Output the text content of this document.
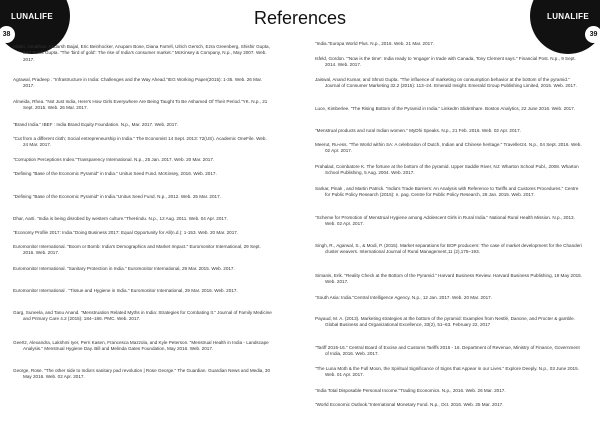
LUNALIFE
38
LUNALIFE
39
References

Ablett, Jonathan, Aadarsh Baijal, Eric Beinhocker, Anupam Bose, Diana Farrell, Ulrich Gersch, Ezra Greenberg, Shishir Gupta, and Sumit Gupta. "The 'bird of gold': The rise of India's consumer market." McKinsey & Company, N.p., May 2007. Web. 2017.

Agrawal, Pradeep . "Infrastructure in India: Challenges and the Way Ahead."IEG Working Paper(2015): 1-35. Web. 26 Mar. 2017.

Almeida, Rhea. "Not Just India, Here's How Girls Everywhere Are Being Taught To Be Ashamed Of Their Period."YK. N.p., 21 Sept. 2015. Web. 26 Mar. 2017.

"Brand India." IBEF : India Brand Equity Foundation. N.p., Mar. 2017. Web. 2017.

"Cut from a different cloth; Social entrepreneurship in India." The Economist 14 Sept. 2013: 72(US). Academic OneFile. Web. 24 Mar. 2017.

"Corruption Perceptions Index."Transparency International. N.p., 25 Jan. 2017. Web. 20 Mar. 2017.

"Defining "Base of the Economic Pyramid" in India." Unitus Seed Fund. McKinsey, 2016. Web. 2017.

"Defining "Base of the Economic Pyramid" in India."Unitus Seed Fund. N.p., 2012. Web. 25 Mar. 2017.

Dhar, Aarti. "India is being disrobed by western culture."TheHindu. N.p., 12 Aug. 2011. Web. 04 Apr. 2017.

"Economy Profile 2017: India."Doing Business 2017: Equal Opportunity for All(n.d.): 1-153. Web. 20 Mar. 2017.

Euromonitor International. "Boom or Bomb: India's Demographics and Market Impact." Euromonitor International, 29 Sept. 2016. Web. 2017.

Euromonitor International. "Sanitary Protection in India." Euromonitor International, 29 Mar. 2015. Web. 2017.

Euromonitor International . "Tissue and Hygiene in India." Euromonitor International, 29 Mar. 2016. Web. 2017.

Garg, Suneela, and Tanu Anand. "Menstruation Related Myths in India: Strategies for Combating It." Journal of Family Medicine and Primary Care 4.2 (2015): 184–186. PMC. Web. 2017.

Geertz, Alexandra, Lakshmi Iyer, Perri Kasen, Francesca Mazzola, and Kyle Peterson. "Menstrual Health in India - Landscape Analysis." Menstrual Hygiene Day. Bill and Melinda Gates Foundation, May 2016. Web. 2017.

George, Rose. "The other side to India's sanitary pad revolution | Rose George." The Guardian. Guardian News and Media, 30 May 2016. Web. 02 Apr. 2017.

"India."Europa World Plus. N.p., 2016. Web. 21 Mar. 2017.

Isfeld, Gordon. "'Now is the time': India ready to 'engage' in trade with Canada, Tony Clement says." Financial Post. N.p., 9 Sept. 2014. Web. 2017.

Jaiswal, Anand Kumar, and Shruti Gupta. "The influence of marketing on consumption behavior at the bottom of the pyramid." Journal of Consumer Marketing 32.2 (2015): 113–24. Emerald Insight. Emerald Group Publishing Limited, 2015. Web. 2017.

Luce, Kimberlee. "The Rising Bottom of the Pyramid in India." LinkedIn SlideShare. Boston Analytics, 22 June 2016. Web. 2017.

"Menstrual products and rural Indian women." MyDhi Speaks. N.p., 21 Feb. 2016. Web. 02 Apr. 2017.

Meerut, Ru-ess. "The World within SA: A celebration of Dutch, Indian and Chinese heritage." Traveller24. N.p., 04 Sept. 2016. Web. 02 Apr. 2017.

Prahalad, Coimbatore K. The fortune at the bottom of the pyramid. Upper Saddle River, NJ: Wharton School Publ., 2008. Wharton School Publishing, 5 Aug. 2004. Web. 2017.

Sarkar, Pinak , and Martin Patrick. "India's Trade Barriers: An Analysis with Reference to Tariffs and Customs Procedures." Centre for Public Policy Research (2015): n. pag. Centre for Public Policy Research, 28 Jan. 2015. Web. 2017.

"Scheme for Promotion of Menstrual Hygiene among Adolescent Girls in Rural India." National Rural Health Mission. N.p., 2013. Web. 02 Apr. 2017.

Singh, R., Agarwal, S., & Modi, P. (2015). Market separations for BOP producers: The case of market development for the Chanderi cluster weavers. International Journal of Rural Management,11 (2),175–193.

Simanis, Erik. "Reality Check at the Bottom of the Pyramid." Harvard Business Review. Harvard Business Publishing, 19 May 2015. Web. 2017.

"South Asia: India."Central Intelligence Agency. N.p., 12 Jan. 2017. Web. 20 Mar. 2017.

Payaud, M. A. (2013). Marketing strategies at the bottom of the pyramid: Examples from Nestlé, Danone, and Procter & gamble. Global Business and Organizational Excellence, 33(2), 51–63. February 22, 2017

"Tariff 2015-16." Central Board of Excise and Customs Tariffs 2015 - 16. Department of Revenue, Ministry of Finance, Government of India, 2016. Web. 2017.

"The Luna Moth & the Full Moon, the Spiritual Significance of Signs that Appear in our Lives." Explore Deeply. N.p., 03 June 2015. Web. 01 Apr. 2017.

"India Total Disposable Personal Income."Trading Economics. N.p., 2016. Web. 26 Mar. 2017.

"World Economic Outlook."International Monetary Fund. N.p., Oct. 2016. Web. 25 Mar. 2017.
